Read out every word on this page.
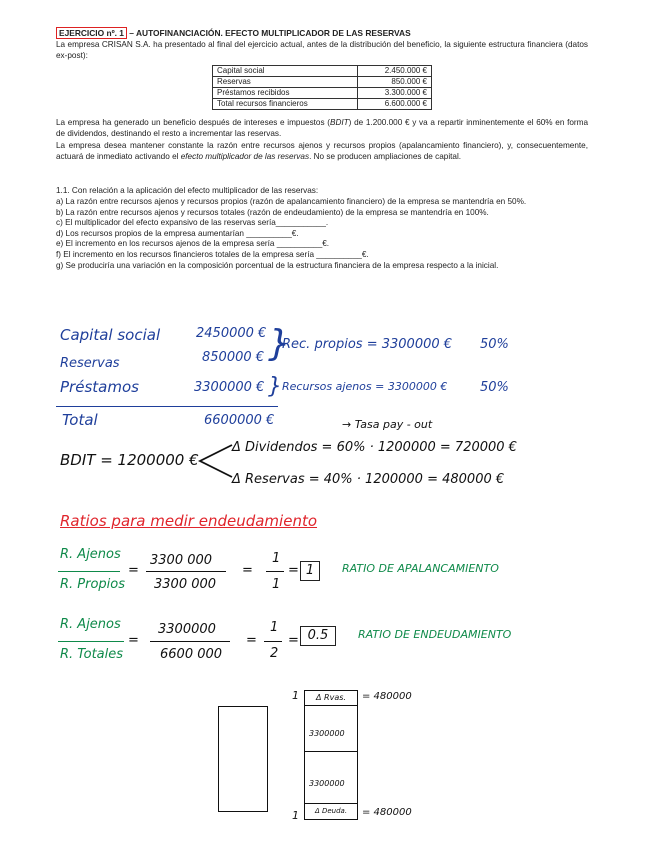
EJERCICIO nº. 1 – AUTOFINANCIACIÓN. EFECTO MULTIPLICADOR DE LAS RESERVAS
La empresa CRISAN S.A. ha presentado al final del ejercicio actual, antes de la distribución del beneficio, la siguiente estructura financiera (datos ex-post):
Capital social	2.450.000 €
Reservas	850.000 €
Préstamos recibidos	3.300.000 €
Total recursos financieros	6.600.000 €
La empresa ha generado un beneficio después de intereses e impuestos (BDIT) de 1.200.000 € y va a repartir inminentemente el 60% en forma de dividendos, destinando el resto a incrementar las reservas.
La empresa desea mantener constante la razón entre recursos ajenos y recursos propios (apalancamiento financiero), y, consecuentemente, actuará de inmediato activando el efecto multiplicador de las reservas. No se producen ampliaciones de capital.
1.1. Con relación a la aplicación del efecto multiplicador de las reservas:
a) La razón entre recursos ajenos y recursos propios (razón de apalancamiento financiero) de la empresa se mantendría en 50%.
b) La razón entre recursos ajenos y recursos totales (razón de endeudamiento) de la empresa se mantendría en 100%.
c) El multiplicador del efecto expansivo de las reservas sería___________.
d) Los recursos propios de la empresa aumentarían __________€.
e) El incremento en los recursos ajenos de la empresa sería __________€.
f) El incremento en los recursos financieros totales de la empresa sería __________€.
g) Se produciría una variación en la composición porcentual de la estructura financiera de la empresa respecto a la inicial.
Capital social	2450000 €
Reservas	850000 € }
Rec. propios = 3300000 € 50%
Préstamos	3300000 € } Recursos ajenos = 3300000 €	50%
Total	6600000 €	→ Tasa pay - out
BDIT = 1200000 €
Δ Dividendos = 60% · 1200000 = 720000 €
Δ Reservas = 40% · 1200000 = 480000 €
Ratios para medir endeudamiento
R. Ajenos
R. Propios
=
3300 000
3300 000
=
1
1
= 1	RATIO DE APALANCAMIENTO
R. Ajenos
R. Totales
=
3300000
6600 000
=
1
2
= 0.5	RATIO DE ENDEUDAMIENTO
1	Δ Rvas.
3300000
3300000
Δ Deuda.
= 480000
1	= 480000
